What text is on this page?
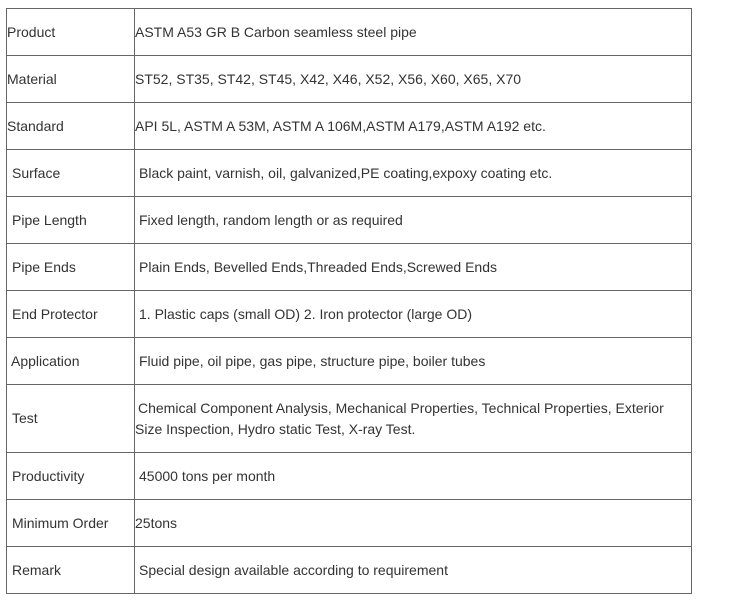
Product	ASTM A53 GR B Carbon seamless steel pipe
Material	ST52, ST35, ST42, ST45, X42, X46, X52, X56, X60, X65, X70
Standard	API 5L, ASTM A 53M, ASTM A 106M,ASTM A179,ASTM A192 etc.
Surface	Black paint, varnish, oil, galvanized,PE coating,expoxy coating etc.
Pipe Length	Fixed length, random length or as required
Pipe Ends	Plain Ends, Bevelled Ends,Threaded Ends,Screwed Ends
End Protector	1. Plastic caps (small OD) 2. Iron protector (large OD)
Application	Fluid pipe, oil pipe, gas pipe, structure pipe, boiler tubes
Test	Chemical Component Analysis, Mechanical Properties, Technical Properties, Exterior
Size Inspection, Hydro static Test, X-ray Test.

Productivity	45000 tons per month
Minimum Order	25tons
Remark	Special design available according to requirement
